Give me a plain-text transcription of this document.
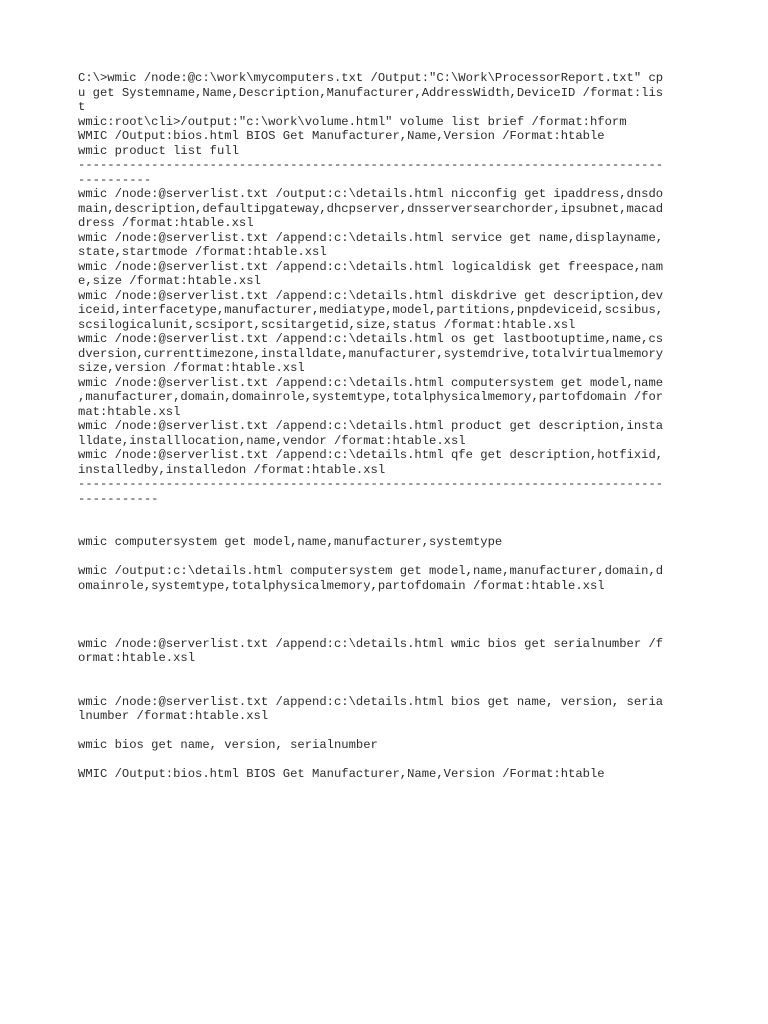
C:\>wmic /node:@c:\work\mycomputers.txt /Output:"C:\Work\ProcessorReport.txt" cp

u get Systemname,Name,Description,Manufacturer,AddressWidth,DeviceID /format:lis

t

wmic:root\cli>/output:"c:\work\volume.html" volume list brief /format:hform

WMIC /Output:bios.html BIOS Get Manufacturer,Name,Version /Format:htable

wmic product list full

--------------------------------------------------------------------------------

----------

wmic /node:@serverlist.txt /output:c:\details.html nicconfig get ipaddress,dnsdo

main,description,defaultipgateway,dhcpserver,dnsserversearchorder,ipsubnet,macad

dress /format:htable.xsl

wmic /node:@serverlist.txt /append:c:\details.html service get name,displayname,

state,startmode /format:htable.xsl

wmic /node:@serverlist.txt /append:c:\details.html logicaldisk get freespace,nam

e,size /format:htable.xsl

wmic /node:@serverlist.txt /append:c:\details.html diskdrive get description,dev

iceid,interfacetype,manufacturer,mediatype,model,partitions,pnpdeviceid,scsibus,

scsilogicalunit,scsiport,scsitargetid,size,status /format:htable.xsl

wmic /node:@serverlist.txt /append:c:\details.html os get lastbootuptime,name,cs

dversion,currenttimezone,installdate,manufacturer,systemdrive,totalvirtualmemory

size,version /format:htable.xsl

wmic /node:@serverlist.txt /append:c:\details.html computersystem get model,name

,manufacturer,domain,domainrole,systemtype,totalphysicalmemory,partofdomain /for

mat:htable.xsl

wmic /node:@serverlist.txt /append:c:\details.html product get description,insta

lldate,installlocation,name,vendor /format:htable.xsl

wmic /node:@serverlist.txt /append:c:\details.html qfe get description,hotfixid,

installedby,installedon /format:htable.xsl

--------------------------------------------------------------------------------

-----------

wmic computersystem get model,name,manufacturer,systemtype

wmic /output:c:\details.html computersystem get model,name,manufacturer,domain,d

omainrole,systemtype,totalphysicalmemory,partofdomain /format:htable.xsl

wmic /node:@serverlist.txt /append:c:\details.html wmic bios get serialnumber /f

ormat:htable.xsl

wmic /node:@serverlist.txt /append:c:\details.html bios get name, version, seria

lnumber /format:htable.xsl

wmic bios get name, version, serialnumber

WMIC /Output:bios.html BIOS Get Manufacturer,Name,Version /Format:htable
